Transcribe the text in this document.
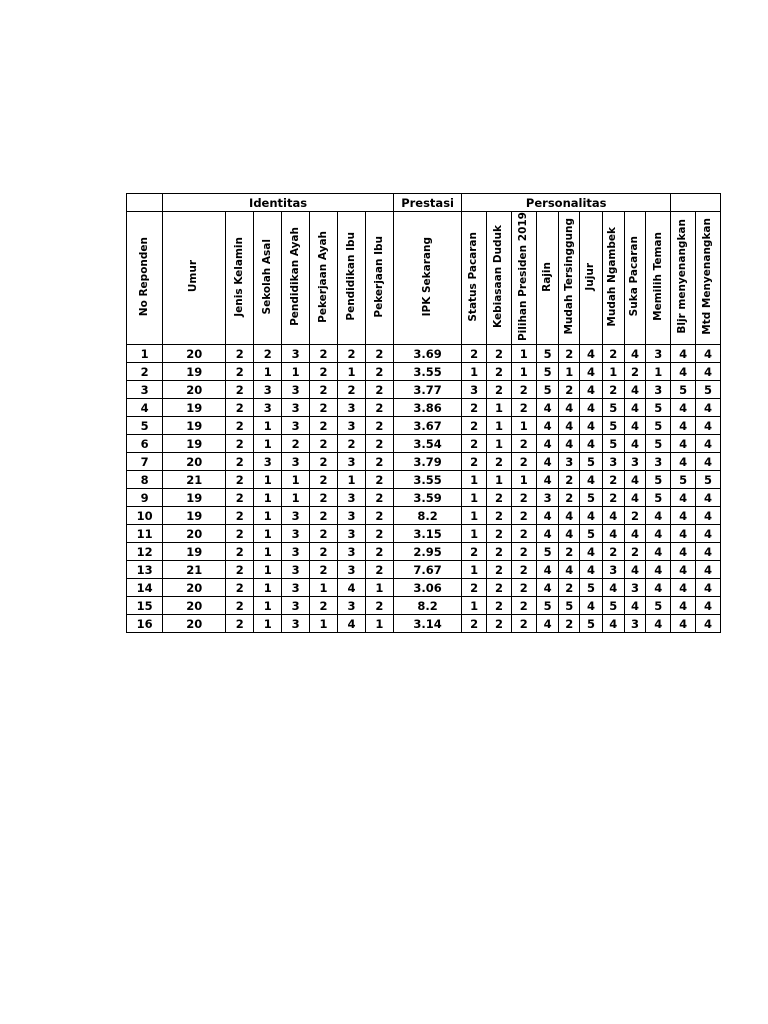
	Identitas							Prestasi	Personalitas										
No Reponden	Umur	Jenis Kelamin	Sekolah Asal	Pendidikan Ayah	Pekerjaan Ayah	Pendidikan Ibu	Pekerjaan Ibu	IPK Sekarang	Status Pacaran	Kebiasaan Duduk	Pilihan Presiden 2019	Rajin	Mudah Tersinggung	Jujur	Mudah Ngambek	Suka Pacaran	Memilih Teman	Bljr menyenangkan	Mtd Menyenangkan
1	20	2	2	3	2	2	2	3.69	2	2	1	5	2	4	2	4	3	4	4
2	19	2	1	1	2	1	2	3.55	1	2	1	5	1	4	1	2	1	4	4
3	20	2	3	3	2	2	2	3.77	3	2	2	5	2	4	2	4	3	5	5
4	19	2	3	3	2	3	2	3.86	2	1	2	4	4	4	5	4	5	4	4
5	19	2	1	3	2	3	2	3.67	2	1	1	4	4	4	5	4	5	4	4
6	19	2	1	2	2	2	2	3.54	2	1	2	4	4	4	5	4	5	4	4
7	20	2	3	3	2	3	2	3.79	2	2	2	4	3	5	3	3	3	4	4
8	21	2	1	1	2	1	2	3.55	1	1	1	4	2	4	2	4	5	5	5
9	19	2	1	1	2	3	2	3.59	1	2	2	3	2	5	2	4	5	4	4
10	19	2	1	3	2	3	2	8.2	1	2	2	4	4	4	4	2	4	4	4
11	20	2	1	3	2	3	2	3.15	1	2	2	4	4	5	4	4	4	4	4
12	19	2	1	3	2	3	2	2.95	2	2	2	5	2	4	2	2	4	4	4
13	21	2	1	3	2	3	2	7.67	1	2	2	4	4	4	3	4	4	4	4
14	20	2	1	3	1	4	1	3.06	2	2	2	4	2	5	4	3	4	4	4
15	20	2	1	3	2	3	2	8.2	1	2	2	5	5	4	5	4	5	4	4
16	20	2	1	3	1	4	1	3.14	2	2	2	4	2	5	4	3	4	4	4
